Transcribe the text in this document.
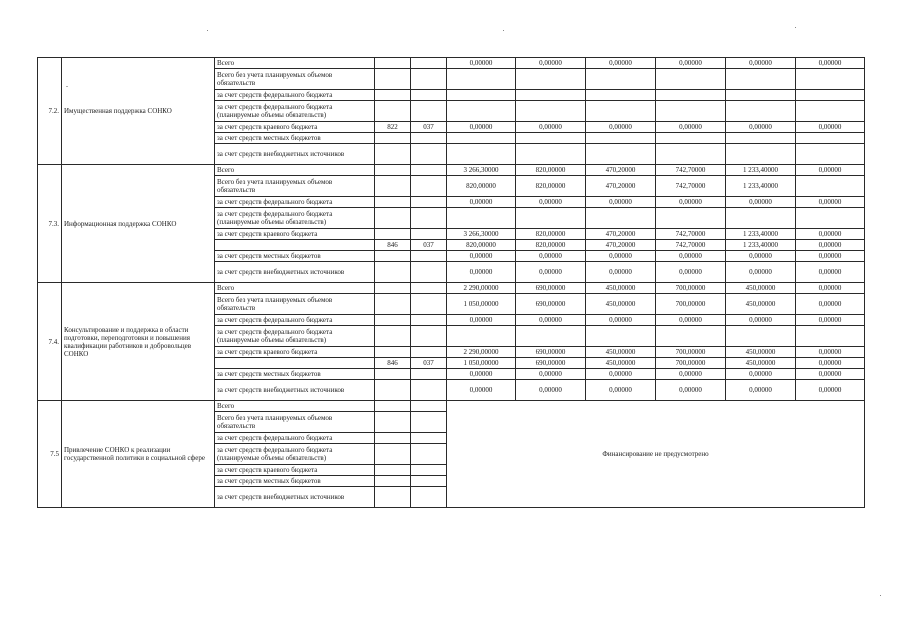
7.2.	-
Имущественная поддержка СОНКО	Всего			0,00000	0,00000	0,00000	0,00000	0,00000	0,00000
		Всего без учета планируемых объемов обязательств								
		за счет средств федерального бюджета								
		за счет средств федерального бюджета (планируемые объемы обязательств)								
		за счет средств краевого бюджета	822	037	0,00000	0,00000	0,00000	0,00000	0,00000	0,00000
		за счет средств местных бюджетов								
		за счет средств внебюджетных источников								
7.3.	Информационная поддержка СОНКО	Всего			3 266,30000	820,00000	470,20000	742,70000	1 233,40000	0,00000
		Всего без учета планируемых объемов обязательств			820,00000	820,00000	470,20000	742,70000	1 233,40000	
		за счет средств федерального бюджета			0,00000	0,00000	0,00000	0,00000	0,00000	0,00000
		за счет средств федерального бюджета (планируемые объемы обязательств)								
		за счет средств краевого бюджета			3 266,30000	820,00000	470,20000	742,70000	1 233,40000	0,00000
			846	037	820,00000	820,00000	470,20000	742,70000	1 233,40000	0,00000
		за счет средств местных бюджетов			0,00000	0,00000	0,00000	0,00000	0,00000	0,00000
		за счет средств внебюджетных источников			0,00000	0,00000	0,00000	0,00000	0,00000	0,00000
7.4.	Консультирование и поддержка в области подготовки, переподготовки и повышения квалификации работников и добровольцев СОНКО	Всего			2 290,00000	690,00000	450,00000	700,00000	450,00000	0,00000
		Всего без учета планируемых объемов обязательств			1 050,00000	690,00000	450,00000	700,00000	450,00000	0,00000
		за счет средств федерального бюджета			0,00000	0,00000	0,00000	0,00000	0,00000	0,00000
		за счет средств федерального бюджета (планируемые объемы обязательств)								
		за счет средств краевого бюджета			2 290,00000	690,00000	450,00000	700,00000	450,00000	0,00000
			846	037	1 050,00000	690,00000	450,00000	700,00000	450,00000	0,00000
		за счет средств местных бюджетов			0,00000	0,00000	0,00000	0,00000	0,00000	0,00000
		за счет средств внебюджетных источников			0,00000	0,00000	0,00000	0,00000	0,00000	0,00000
7.5	Привлечение СОНКО к реализации государственной политики в социальной сфере	Всего			Финансирование не предусмотрено					
		Всего без учета планируемых объемов обязательств								
		за счет средств федерального бюджета								
		за счет средств федерального бюджета (планируемые объемы обязательств)								
		за счет средств краевого бюджета								
		за счет средств местных бюджетов								
		за счет средств внебюджетных источников								
